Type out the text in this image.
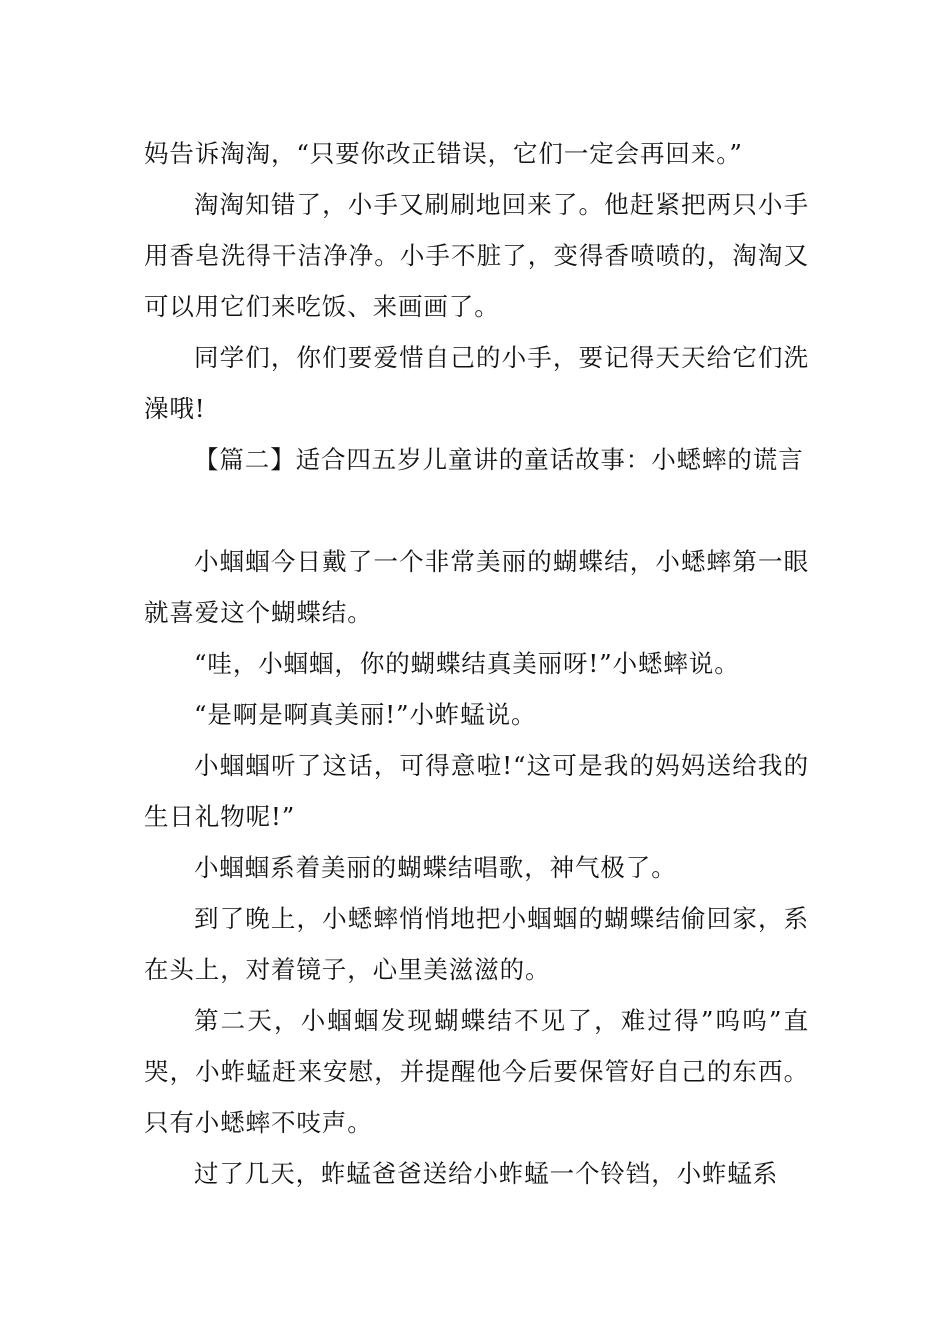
妈告诉淘淘，“只要你改正错误，它们一定会再回来。”

淘淘知错了，小手又刷刷地回来了。他赶紧把两只小手用香皂洗得干洁净净。小手不脏了，变得香喷喷的，淘淘又可以用它们来吃饭、来画画了。

同学们，你们要爱惜自己的小手，要记得天天给它们洗澡哦!

【篇二】适合四五岁儿童讲的童话故事：小蟋蟀的谎言

小蝈蝈今日戴了一个非常美丽的蝴蝶结，小蟋蟀第一眼就喜爱这个蝴蝶结。

“哇，小蝈蝈，你的蝴蝶结真美丽呀!”小蟋蟀说。

“是啊是啊真美丽!”小蚱蜢说。

小蝈蝈听了这话，可得意啦!“这可是我的妈妈送给我的生日礼物呢!”

小蝈蝈系着美丽的蝴蝶结唱歌，神气极了。

到了晚上，小蟋蟀悄悄地把小蝈蝈的蝴蝶结偷回家，系在头上，对着镜子，心里美滋滋的。

第二天，小蝈蝈发现蝴蝶结不见了，难过得”呜呜”直哭，小蚱蜢赶来安慰，并提醒他今后要保管好自己的东西。只有小蟋蟀不吱声。

过了几天，蚱蜢爸爸送给小蚱蜢一个铃铛，小蚱蜢系
